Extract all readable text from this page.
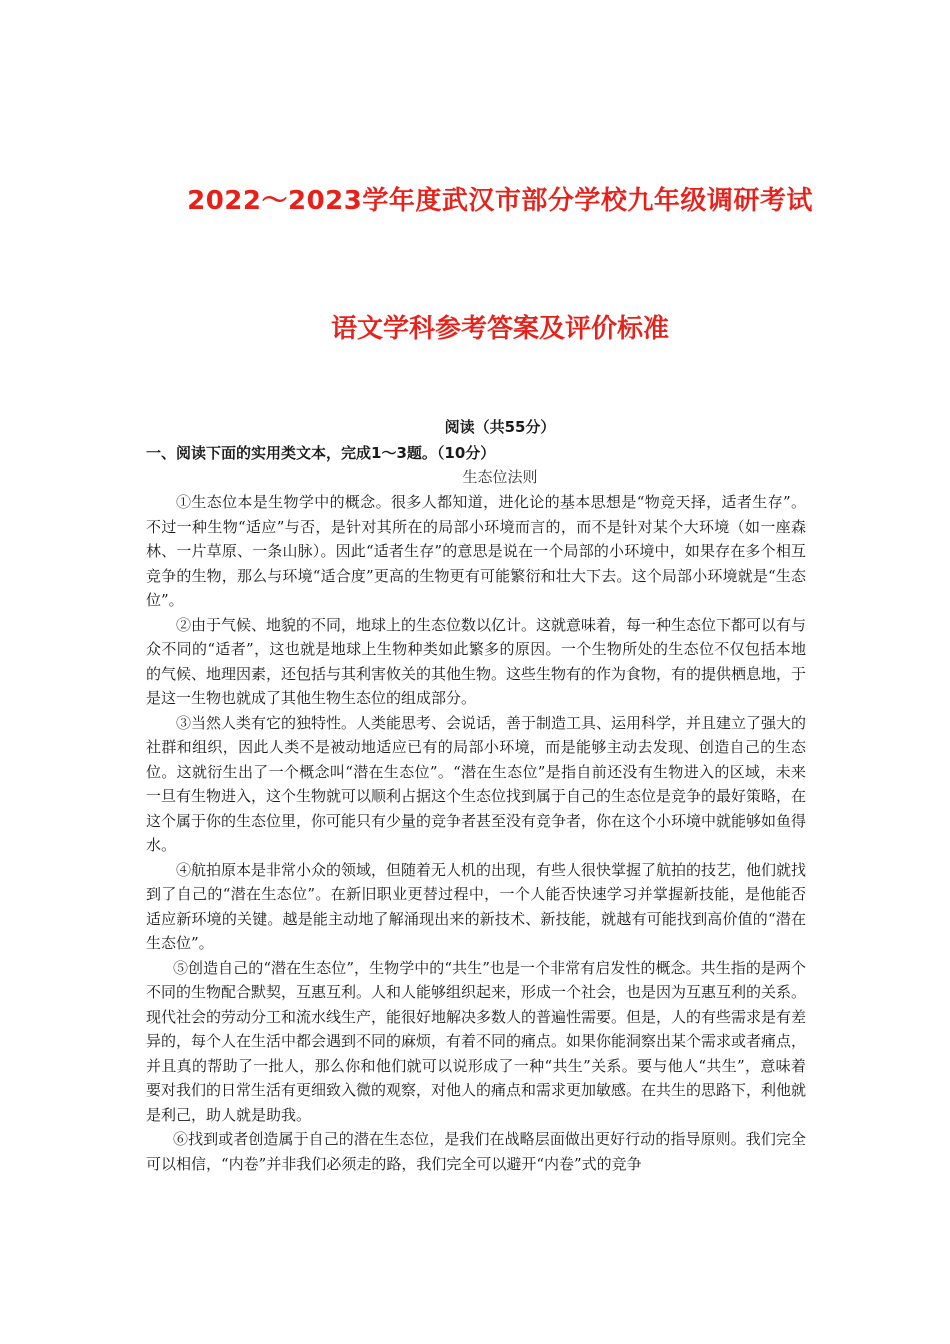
2022～2023学年度武汉市部分学校九年级调研考试
语文学科参考答案及评价标准
阅读（共55分）
一、阅读下面的实用类文本，完成1～3题。（10分）
生态位法则

①生态位本是生物学中的概念。很多人都知道，进化论的基本思想是“物竞天择，适者生存”。不过一种生物“适应”与否，是针对其所在的局部小环境而言的，而不是针对某个大环境（如一座森林、一片草原、一条山脉）。因此“适者生存”的意思是说在一个局部的小环境中，如果存在多个相互竞争的生物，那么与环境“适合度”更高的生物更有可能繁衍和壮大下去。这个局部小环境就是“生态位”。

②由于气候、地貌的不同，地球上的生态位数以亿计。这就意味着，每一种生态位下都可以有与众不同的“适者”，这也就是地球上生物种类如此繁多的原因。一个生物所处的生态位不仅包括本地的气候、地理因素，还包括与其利害攸关的其他生物。这些生物有的作为食物，有的提供栖息地，于是这一生物也就成了其他生物生态位的组成部分。

③当然人类有它的独特性。人类能思考、会说话，善于制造工具、运用科学，并且建立了强大的社群和组织，因此人类不是被动地适应已有的局部小环境，而是能够主动去发现、创造自己的生态位。这就衍生出了一个概念叫“潜在生态位”。“潜在生态位”是指自前还没有生物进入的区域，未来一旦有生物进入，这个生物就可以顺利占据这个生态位找到属于自己的生态位是竞争的最好策略，在这个属于你的生态位里，你可能只有少量的竞争者甚至没有竞争者，你在这个小环境中就能够如鱼得水。

④航拍原本是非常小众的领域，但随着无人机的出现，有些人很快掌握了航拍的技艺，他们就找到了自己的“潜在生态位”。在新旧职业更替过程中，一个人能否快速学习并掌握新技能，是他能否适应新环境的关键。越是能主动地了解涌现出来的新技术、新技能，就越有可能找到高价值的“潜在生态位”。

⑤创造自己的“潜在生态位”，生物学中的“共生”也是一个非常有启发性的概念。共生指的是两个不同的生物配合默契，互惠互利。人和人能够组织起来，形成一个社会，也是因为互惠互利的关系。现代社会的劳动分工和流水线生产，能很好地解决多数人的普遍性需要。但是，人的有些需求是有差异的，每个人在生活中都会遇到不同的麻烦，有着不同的痛点。如果你能洞察出某个需求或者痛点，并且真的帮助了一批人，那么你和他们就可以说形成了一种“共生”关系。要与他人“共生”，意味着要对我们的日常生活有更细致入微的观察，对他人的痛点和需求更加敏感。在共生的思路下，利他就是利己，助人就是助我。

⑥找到或者创造属于自己的潜在生态位，是我们在战略层面做出更好行动的指导原则。我们完全可以相信，“内卷”并非我们必须走的路，我们完全可以避开“内卷”式的竞争
